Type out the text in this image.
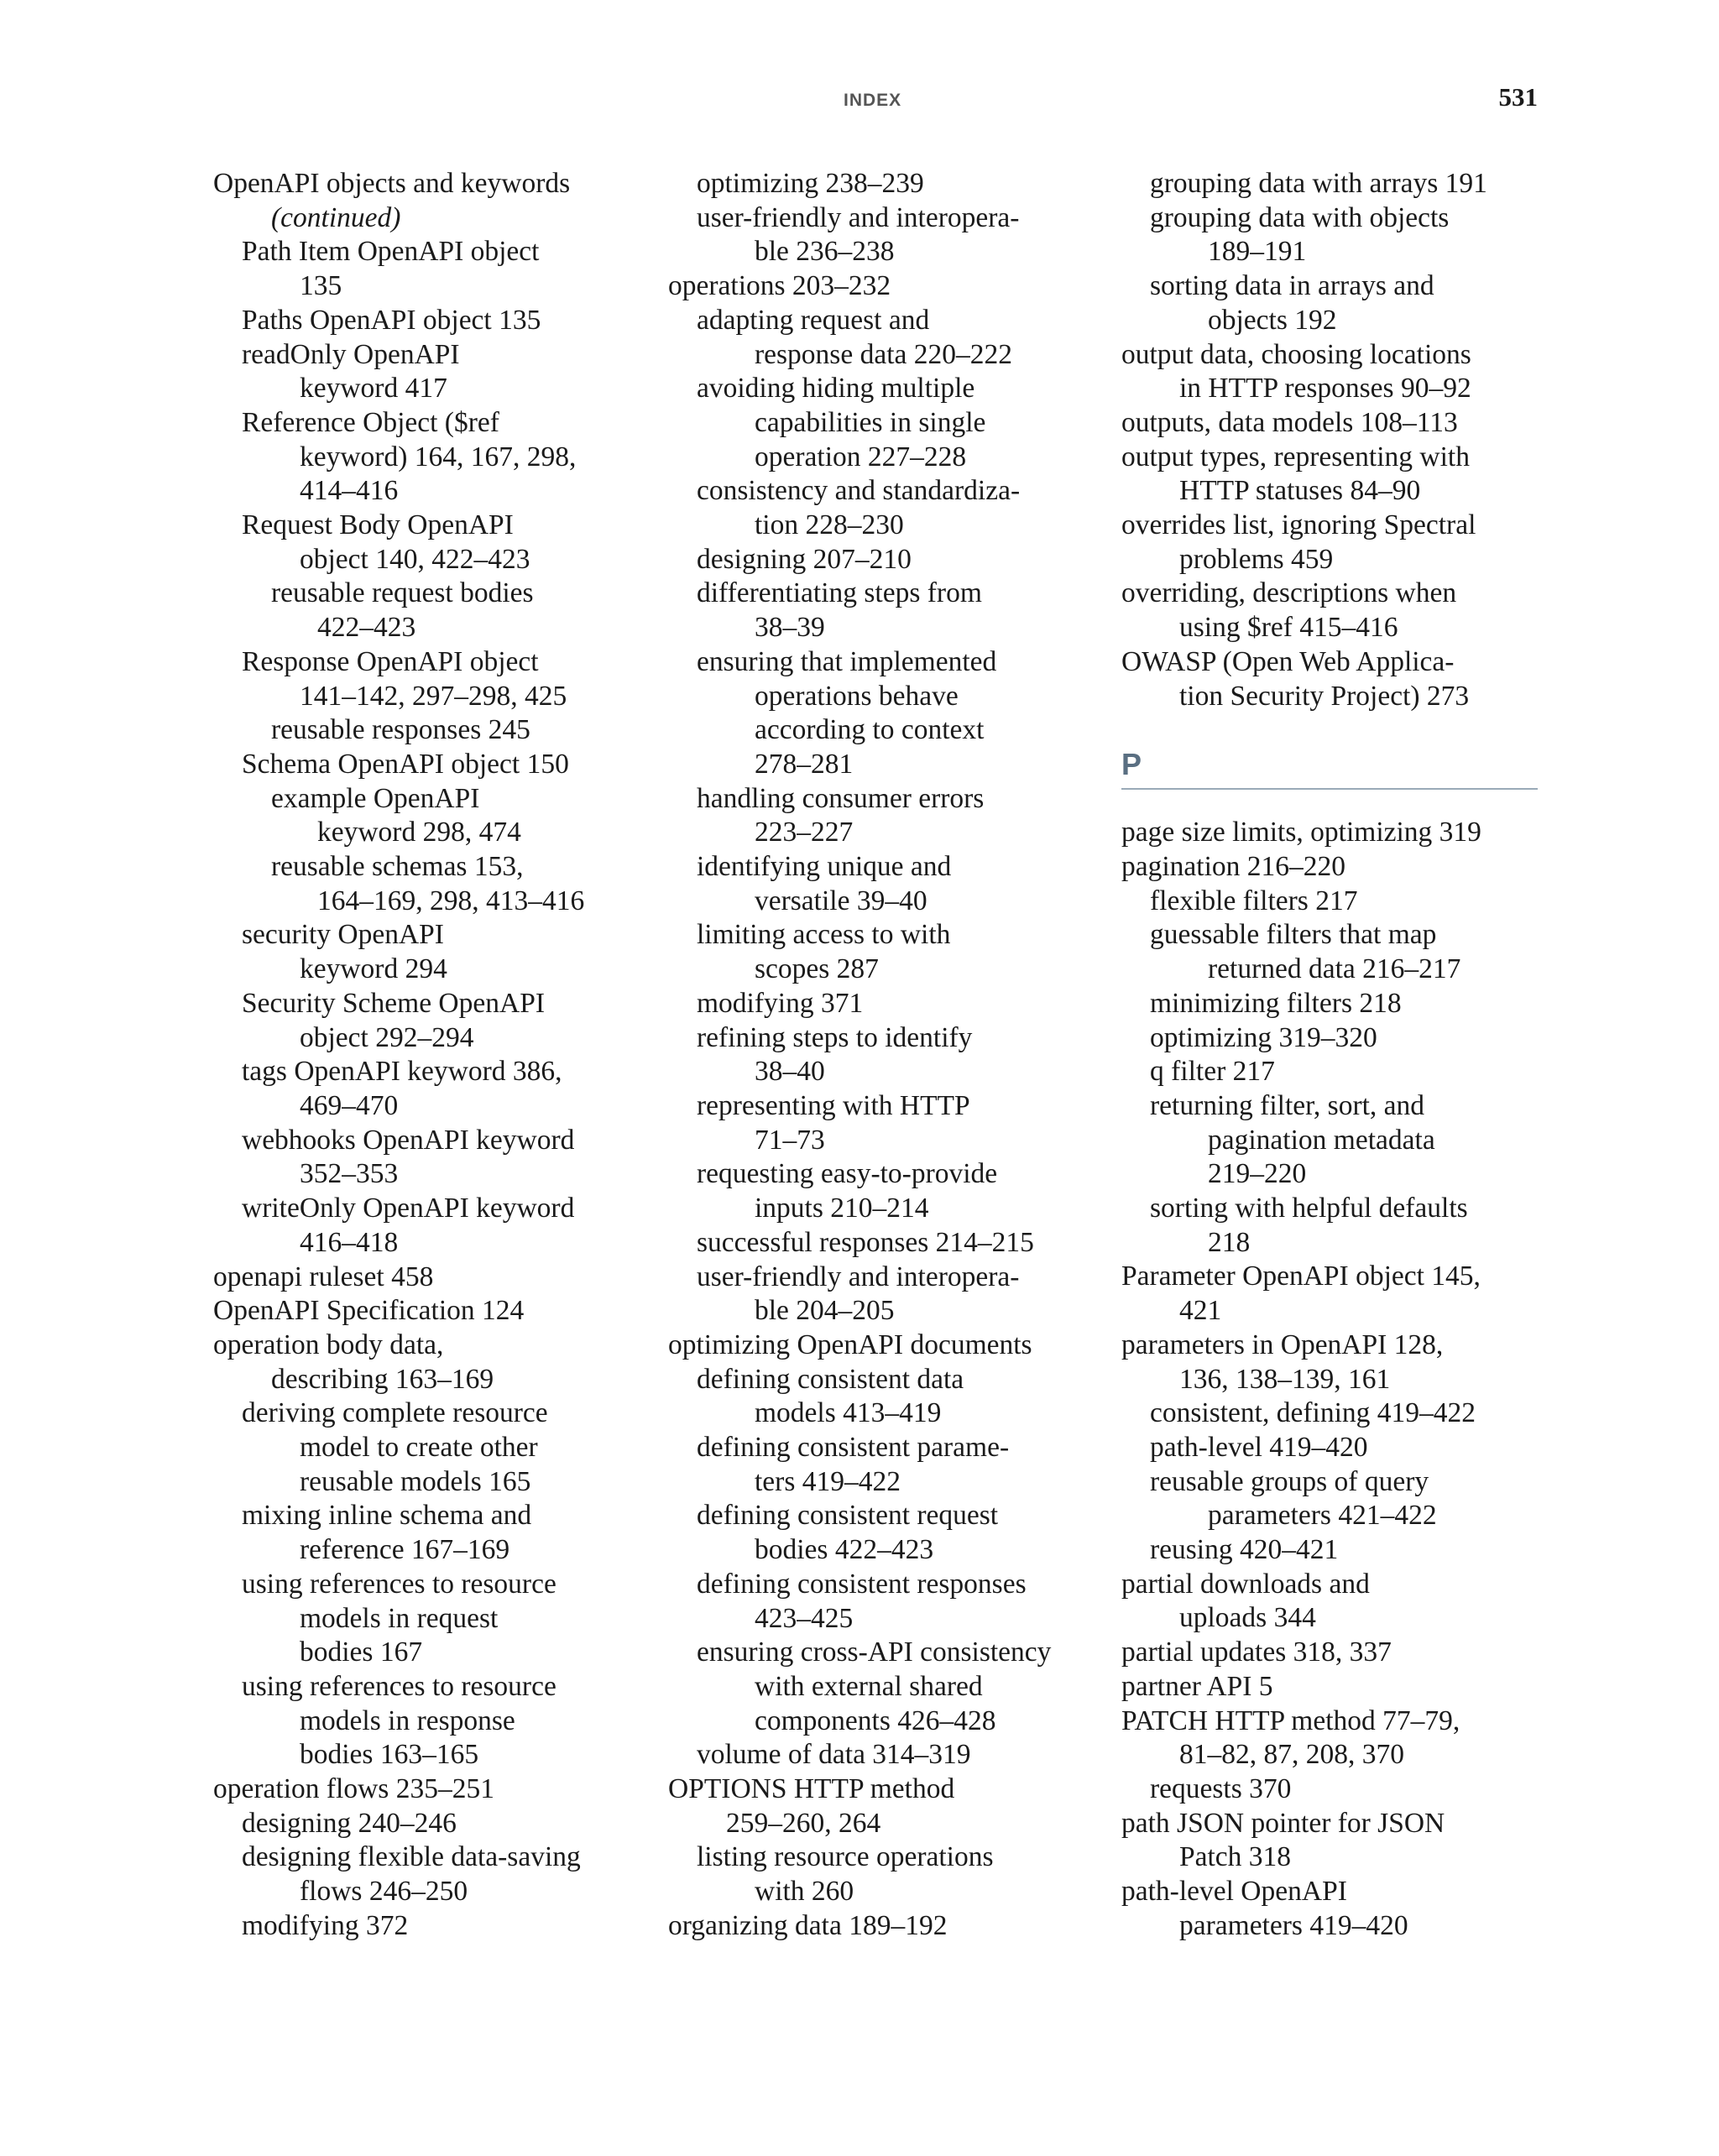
INDEX	531
OpenAPI objects and keywords
(continued)
Path Item OpenAPI object
135
Paths OpenAPI object 135
readOnly OpenAPI
keyword 417
Reference Object ($ref
keyword) 164, 167, 298,
414–416
Request Body OpenAPI
object 140, 422–423
reusable request bodies
422–423
Response OpenAPI object
141–142, 297–298, 425
reusable responses 245
Schema OpenAPI object 150
example OpenAPI
keyword 298, 474
reusable schemas 153,
164–169, 298, 413–416
security OpenAPI
keyword 294
Security Scheme OpenAPI
object 292–294
tags OpenAPI keyword 386,
469–470
webhooks OpenAPI keyword
352–353
writeOnly OpenAPI keyword
416–418
openapi ruleset 458
OpenAPI Specification 124
operation body data,
describing 163–169
deriving complete resource
model to create other
reusable models 165
mixing inline schema and
reference 167–169
using references to resource
models in request
bodies 167
using references to resource
models in response
bodies 163–165
operation flows 235–251
designing 240–246
designing flexible data-saving
flows 246–250
modifying 372
optimizing 238–239
user-friendly and interopera-
ble 236–238
operations 203–232
adapting request and
response data 220–222
avoiding hiding multiple
capabilities in single
operation 227–228
consistency and standardiza-
tion 228–230
designing 207–210
differentiating steps from
38–39
ensuring that implemented
operations behave
according to context
278–281
handling consumer errors
223–227
identifying unique and
versatile 39–40
limiting access to with
scopes 287
modifying 371
refining steps to identify
38–40
representing with HTTP
71–73
requesting easy-to-provide
inputs 210–214
successful responses 214–215
user-friendly and interopera-
ble 204–205
optimizing OpenAPI documents
defining consistent data
models 413–419
defining consistent parame-
ters 419–422
defining consistent request
bodies 422–423
defining consistent responses
423–425
ensuring cross-API consistency
with external shared
components 426–428
volume of data 314–319
OPTIONS HTTP method
259–260, 264
listing resource operations
with 260
organizing data 189–192
grouping data with arrays 191
grouping data with objects
189–191
sorting data in arrays and
objects 192
output data, choosing locations
in HTTP responses 90–92
outputs, data models 108–113
output types, representing with
HTTP statuses 84–90
overrides list, ignoring Spectral
problems 459
overriding, descriptions when
using $ref 415–416
OWASP (Open Web Applica-
tion Security Project) 273
P
page size limits, optimizing 319
pagination 216–220
flexible filters 217
guessable filters that map
returned data 216–217
minimizing filters 218
optimizing 319–320
q filter 217
returning filter, sort, and
pagination metadata
219–220
sorting with helpful defaults
218
Parameter OpenAPI object 145,
421
parameters in OpenAPI 128,
136, 138–139, 161
consistent, defining 419–422
path-level 419–420
reusable groups of query
parameters 421–422
reusing 420–421
partial downloads and
uploads 344
partial updates 318, 337
partner API 5
PATCH HTTP method 77–79,
81–82, 87, 208, 370
requests 370
path JSON pointer for JSON
Patch 318
path-level OpenAPI
parameters 419–420
